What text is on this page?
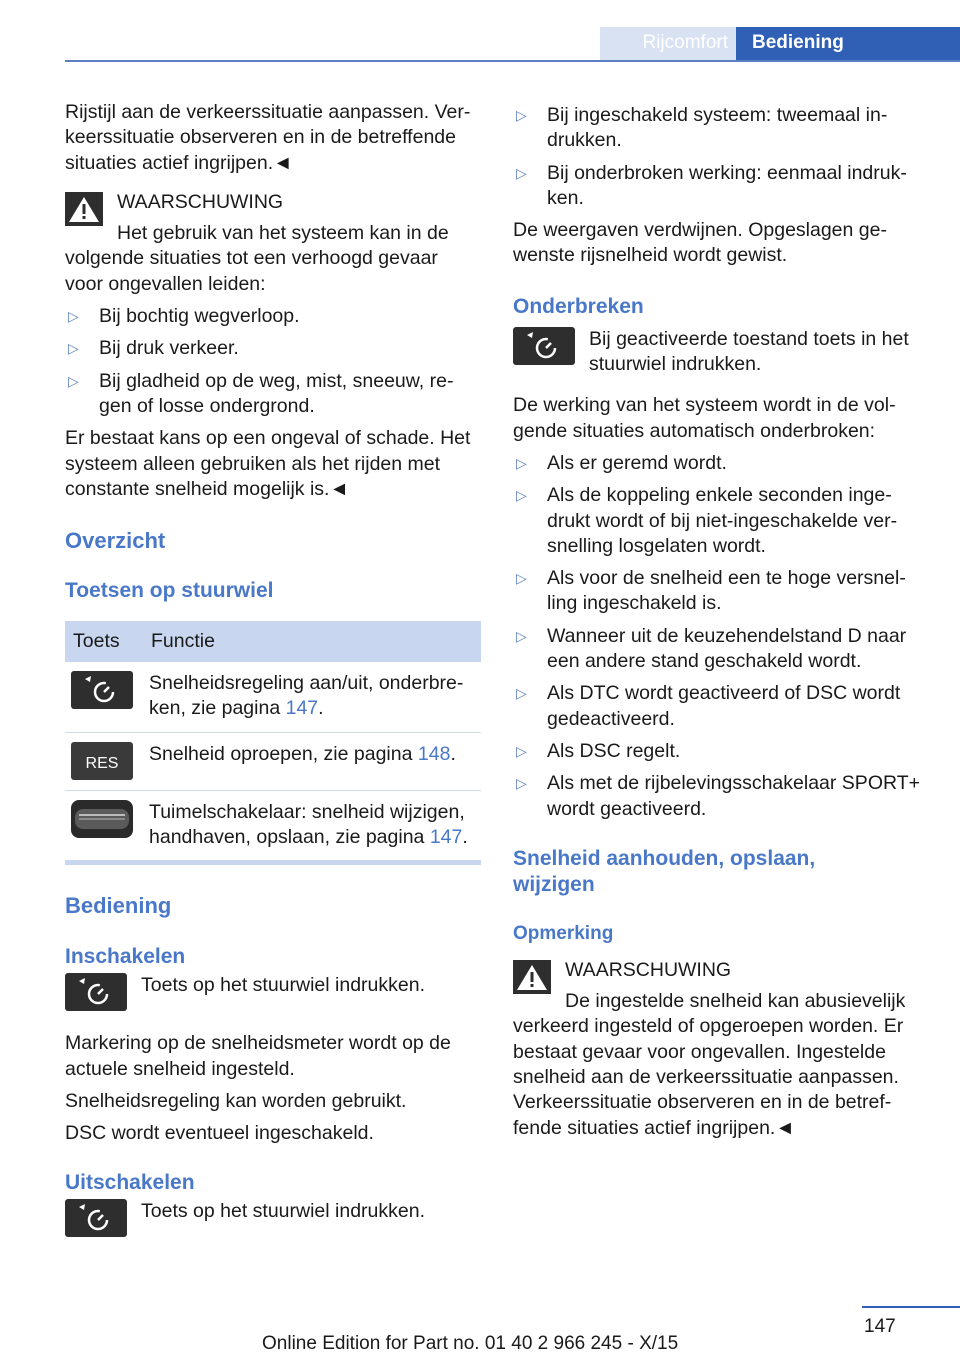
Rijcomfort Bediening

Rijstijl aan de verkeerssituatie aanpassen. Ver-keerssituatie observeren en in de betreffende situaties actief ingrijpen.◄

WAARSCHUWING

Het gebruik van het systeem kan in de volgende situaties tot een verhoogd gevaar voor ongevallen leiden:

▷ Bij bochtig wegverloop.
▷ Bij druk verkeer.
▷ Bij gladheid op de weg, mist, sneeuw, re-gen of losse ondergrond.

Er bestaat kans op een ongeval of schade. Het systeem alleen gebruiken als het rijden met constante snelheid mogelijk is.◄

Overzicht
Toetsen op stuurwiel
Toets	Functie

	Snelheidsregeling aan/uit, onderbre-ken, zie pagina 147.

RES	Snelheid oproepen, zie pagina 148.

	Tuimelschakelaar: snelheid wijzigen, handhaven, opslaan, zie pagina 147.
Bediening
Inschakelen

Toets op het stuurwiel indrukken.

Markering op de snelheidsmeter wordt op de actuele snelheid ingesteld.

Snelheidsregeling kan worden gebruikt.

DSC wordt eventueel ingeschakeld.

Uitschakelen

Toets op het stuurwiel indrukken.

▷ Bij ingeschakeld systeem: tweemaal in-drukken.
▷ Bij onderbroken werking: eenmaal indruk-ken.

De weergaven verdwijnen. Opgeslagen ge-wenste rijsnelheid wordt gewist.

Onderbreken

Bij geactiveerde toestand toets in het stuurwiel indrukken.

De werking van het systeem wordt in de vol-gende situaties automatisch onderbroken:

▷ Als er geremd wordt.
▷ Als de koppeling enkele seconden inge-drukt wordt of bij niet-ingeschakelde ver-snelling losgelaten wordt.
▷ Als voor de snelheid een te hoge versnel-ling ingeschakeld is.
▷ Wanneer uit de keuzehendelstand D naar een andere stand geschakeld wordt.
▷ Als DTC wordt geactiveerd of DSC wordt gedeactiveerd.
▷ Als DSC regelt.
▷ Als met de rijbelevingsschakelaar SPORT+ wordt geactiveerd.
Snelheid aanhouden, opslaan, wijzigen
Opmerking
WAARSCHUWING

De ingestelde snelheid kan abusievelijk verkeerd ingesteld of opgeroepen worden. Er bestaat gevaar voor ongevallen. Ingestelde snelheid aan de verkeerssituatie aanpassen. Verkeerssituatie observeren en in de betref-fende situaties actief ingrijpen.◄

147
Online Edition for Part no. 01 40 2 966 245 - X/15
